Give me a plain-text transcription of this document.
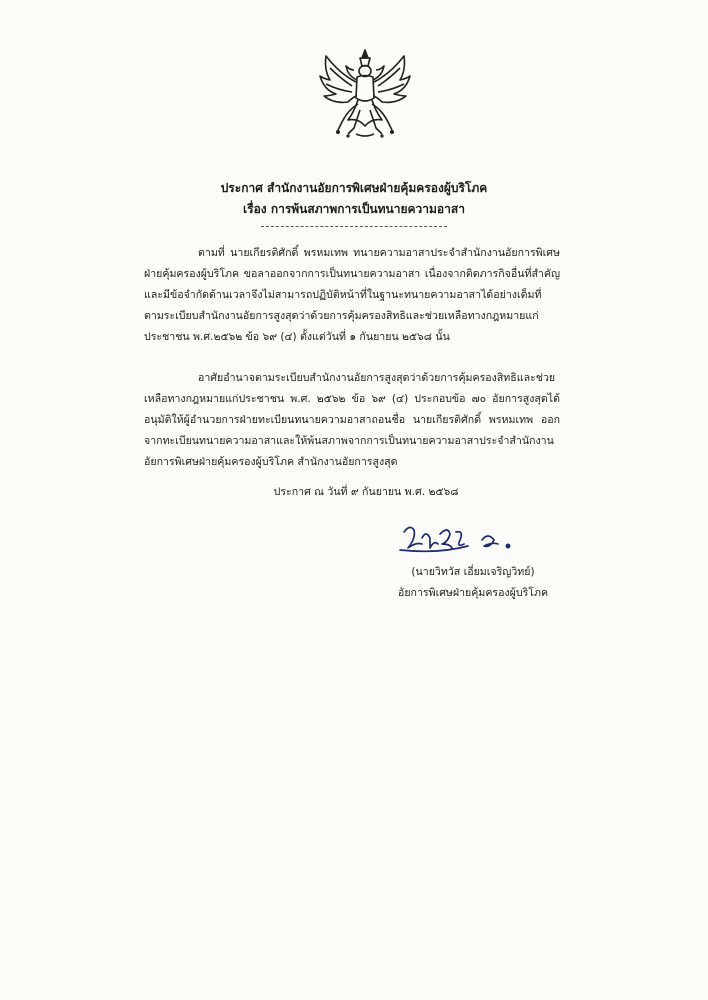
ประกาศ สำนักงานอัยการพิเศษฝ่ายคุ้มครองผู้บริโภค
เรื่อง การพ้นสภาพการเป็นทนายความอาสา
ตามที่ นายเกียรติศักดิ์ พรหมเทพ ทนายความอาสาประจำสำนักงานอัยการพิเศษฝ่ายคุ้มครองผู้บริโภค ขอลาออกจากการเป็นทนายความอาสา เนื่องจากติดภารกิจอื่นที่สำคัญ และมีข้อจำกัดด้านเวลาจึงไม่สามารถปฏิบัติหน้าที่ในฐานะทนายความอาสาได้อย่างเต็มที่ ตามระเบียบสำนักงานอัยการสูงสุดว่าด้วยการคุ้มครองสิทธิและช่วยเหลือทางกฎหมายแก่ประชาชน พ.ศ.๒๕๖๒ ข้อ ๖๙ (๔) ตั้งแต่วันที่ ๑ กันยายน ๒๕๖๘ นั้น
อาศัยอำนาจตามระเบียบสำนักงานอัยการสูงสุดว่าด้วยการคุ้มครองสิทธิและช่วยเหลือทางกฎหมายแก่ประชาชน พ.ศ. ๒๕๖๒ ข้อ ๖๙ (๔) ประกอบข้อ ๗๐ อัยการสูงสุดได้อนุมัติให้ผู้อำนวยการฝ่ายทะเบียนทนายความอาสาถอนชื่อ นายเกียรติศักดิ์ พรหมเทพ ออกจากทะเบียนทนายความอาสาและให้พ้นสภาพจากการเป็นทนายความอาสาประจำสำนักงานอัยการพิเศษฝ่ายคุ้มครองผู้บริโภค สำนักงานอัยการสูงสุด
ประกาศ ณ วันที่ ๙ กันยายน พ.ศ. ๒๕๖๘
(นายวิทวัส เอี่ยมเจริญวิทย์)
อัยการพิเศษฝ่ายคุ้มครองผู้บริโภค
